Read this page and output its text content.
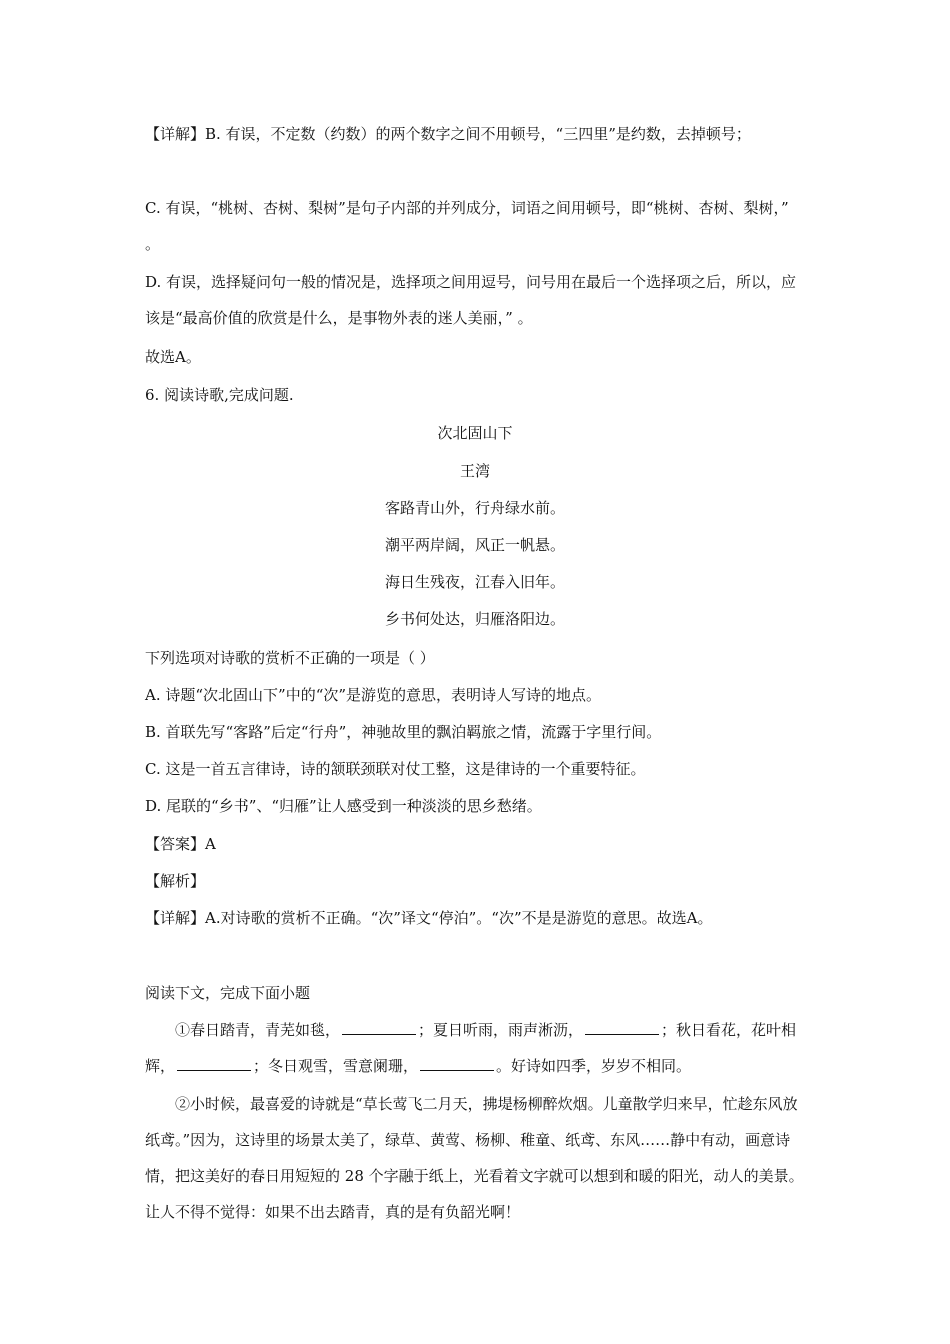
【详解】B. 有误，不定数（约数）的两个数字之间不用顿号，“三四里”是约数，去掉顿号；
C. 有误，“桃树、杏树、梨树”是句子内部的并列成分，词语之间用顿号，即“桃树、杏树、梨树，” 。
D. 有误，选择疑问句一般的情况是，选择项之间用逗号，问号用在最后一个选择项之后，所以，应该是“最高价值的欣赏是什么，是事物外表的迷人美丽，” 。
故选A。
6. 阅读诗歌,完成问题.
次北固山下
王湾
客路青山外，行舟绿水前。
潮平两岸阔，风正一帆悬。
海日生残夜，江春入旧年。
乡书何处达，归雁洛阳边。
下列选项对诗歌的赏析不正确的一项是（ ）
A. 诗题“次北固山下”中的“次”是游览的意思，表明诗人写诗的地点。
B. 首联先写“客路”后定“行舟”，神驰故里的飘泊羁旅之情，流露于字里行间。
C. 这是一首五言律诗，诗的颔联颈联对仗工整，这是律诗的一个重要特征。
D. 尾联的“乡书”、“归雁”让人感受到一种淡淡的思乡愁绪。
【答案】A
【解析】
【详解】A.对诗歌的赏析不正确。“次”译文“停泊”。“次”不是是游览的意思。故选A。
阅读下文，完成下面小题
①春日踏青，青芜如毯，	；夏日听雨，雨声淅沥，	；秋日看花，花叶相辉，	；冬日观雪，雪意阑珊，	。好诗如四季，岁岁不相同。
②小时候，最喜爱的诗就是“草长莺飞二月天，拂堤杨柳醉炊烟。儿童散学归来早，忙趁东风放纸鸢。”因为，这诗里的场景太美了，绿草、黄莺、杨柳、稚童、纸鸢、东风……静中有动，画意诗情，把这美好的春日用短短的 28 个字融于纸上，光看着文字就可以想到和暖的阳光，动人的美景。让人不得不觉得：如果不出去踏青，真的是有负韶光啊！
